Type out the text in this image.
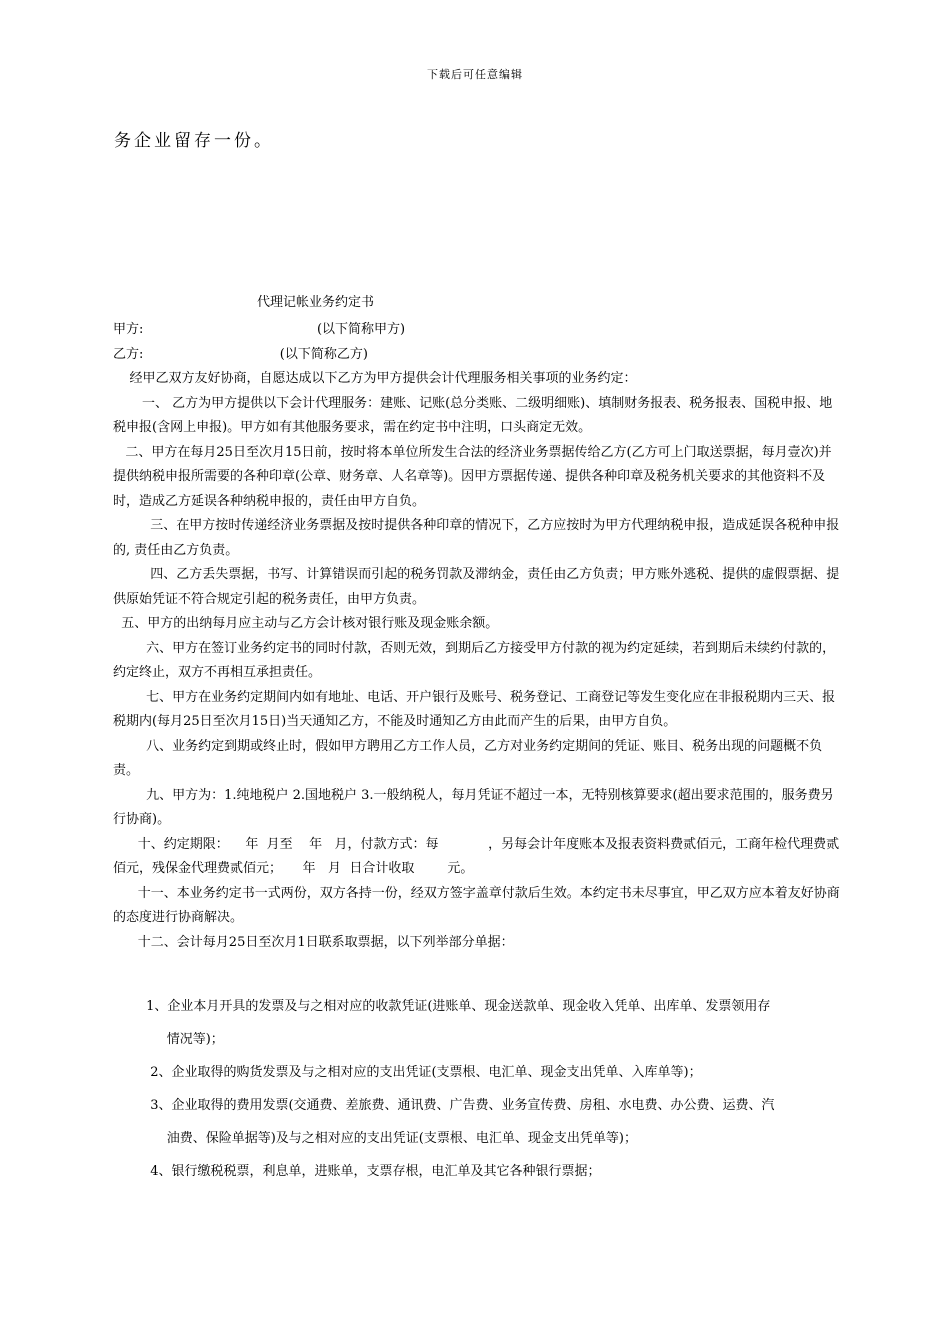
下载后可任意编辑
务企业留存一份。
代理记帐业务约定书

甲方:                                          (以下简称甲方)

乙方:                                 (以下简称乙方)

经甲乙双方友好协商，自愿达成以下乙方为甲方提供会计代理服务相关事项的业务约定：

一、 乙方为甲方提供以下会计代理服务：建账、记账(总分类账、二级明细账)、填制财务报表、税务报表、国税申报、地税申报(含网上申报)。甲方如有其他服务要求，需在约定书中注明，口头商定无效。

二、甲方在每月25日至次月15日前，按时将本单位所发生合法的经济业务票据传给乙方(乙方可上门取送票据，每月壹次)并提供纳税申报所需要的各种印章(公章、财务章、人名章等)。因甲方票据传递、提供各种印章及税务机关要求的其他资料不及时，造成乙方延误各种纳税申报的，责任由甲方自负。

三、在甲方按时传递经济业务票据及按时提供各种印章的情况下，乙方应按时为甲方代理纳税申报，造成延误各税种申报的, 责任由乙方负责。

四、乙方丢失票据，书写、计算错误而引起的税务罚款及滞纳金，责任由乙方负责；甲方账外逃税、提供的虚假票据、提供原始凭证不符合规定引起的税务责任，由甲方负责。

五、甲方的出纳每月应主动与乙方会计核对银行账及现金账余额。

六、甲方在签订业务约定书的同时付款，否则无效，到期后乙方接受甲方付款的视为约定延续，若到期后未续约付款的，约定终止，双方不再相互承担责任。

七、甲方在业务约定期间内如有地址、电话、开户银行及账号、税务登记、工商登记等发生变化应在非报税期内三天、报税期内(每月25日至次月15日)当天通知乙方，不能及时通知乙方由此而产生的后果，由甲方自负。

八、业务约定到期或终止时，假如甲方聘用乙方工作人员，乙方对业务约定期间的凭证、账目、税务出现的问题概不负责。

九、甲方为：1.纯地税户 2.国地税户 3.一般纳税人，每月凭证不超过一本，无特别核算要求(超出要求范围的，服务费另行协商)。

十、约定期限：    年  月至    年   月，付款方式：每            ，另每会计年度账本及报表资料费贰佰元，工商年检代理费贰佰元，残保金代理费贰佰元；     年   月  日合计收取        元。

十一、本业务约定书一式两份，双方各持一份，经双方签字盖章付款后生效。本约定书未尽事宜，甲乙双方应本着友好协商的态度进行协商解决。

十二、会计每月25日至次月1日联系取票据，以下列举部分单据：

1、企业本月开具的发票及与之相对应的收款凭证(进账单、现金送款单、现金收入凭单、出库单、发票领用存

情况等)；

2、企业取得的购货发票及与之相对应的支出凭证(支票根、电汇单、现金支出凭单、入库单等)；

3、企业取得的费用发票(交通费、差旅费、通讯费、广告费、业务宣传费、房租、水电费、办公费、运费、汽

油费、保险单据等)及与之相对应的支出凭证(支票根、电汇单、现金支出凭单等)；

4、银行缴税税票，利息单，进账单，支票存根，电汇单及其它各种银行票据；
